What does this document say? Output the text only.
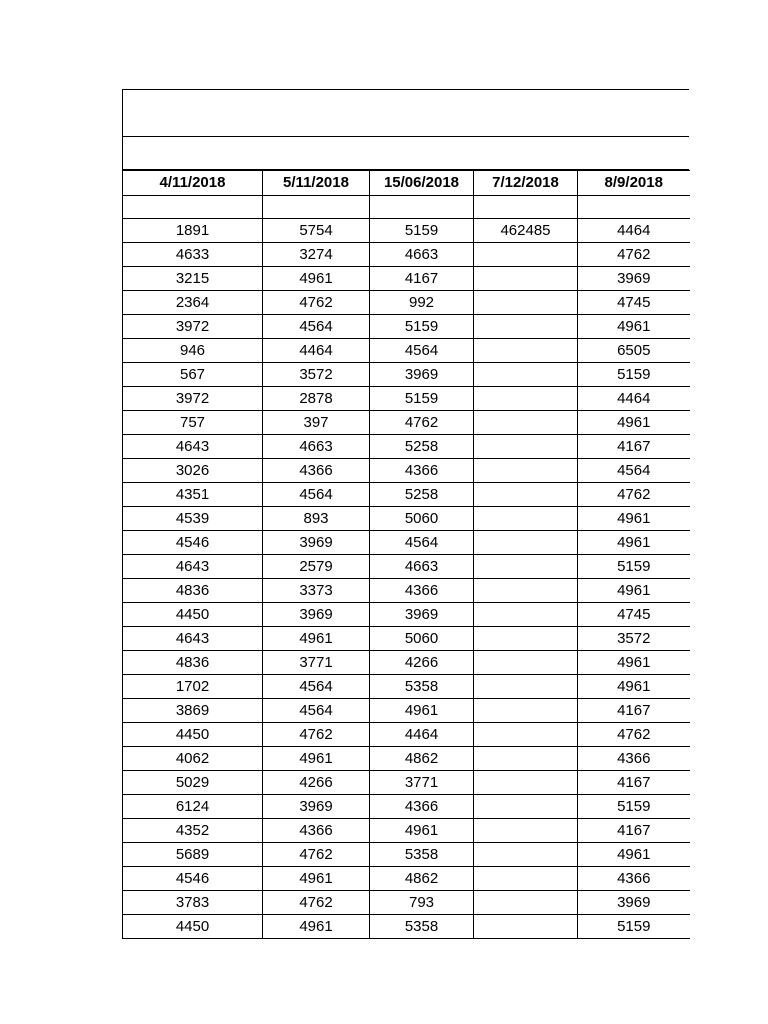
4/11/2018	5/11/2018	15/06/2018	7/12/2018	8/9/2018

1891	5754	5159	462485	4464
4633	3274	4663		4762
3215	4961	4167		3969
2364	4762	992		4745
3972	4564	5159		4961
946	4464	4564		6505
567	3572	3969		5159
3972	2878	5159		4464
757	397	4762		4961
4643	4663	5258		4167
3026	4366	4366		4564
4351	4564	5258		4762
4539	893	5060		4961
4546	3969	4564		4961
4643	2579	4663		5159
4836	3373	4366		4961
4450	3969	3969		4745
4643	4961	5060		3572
4836	3771	4266		4961
1702	4564	5358		4961
3869	4564	4961		4167
4450	4762	4464		4762
4062	4961	4862		4366
5029	4266	3771		4167
6124	3969	4366		5159
4352	4366	4961		4167
5689	4762	5358		4961
4546	4961	4862		4366
3783	4762	793		3969
4450	4961	5358		5159
